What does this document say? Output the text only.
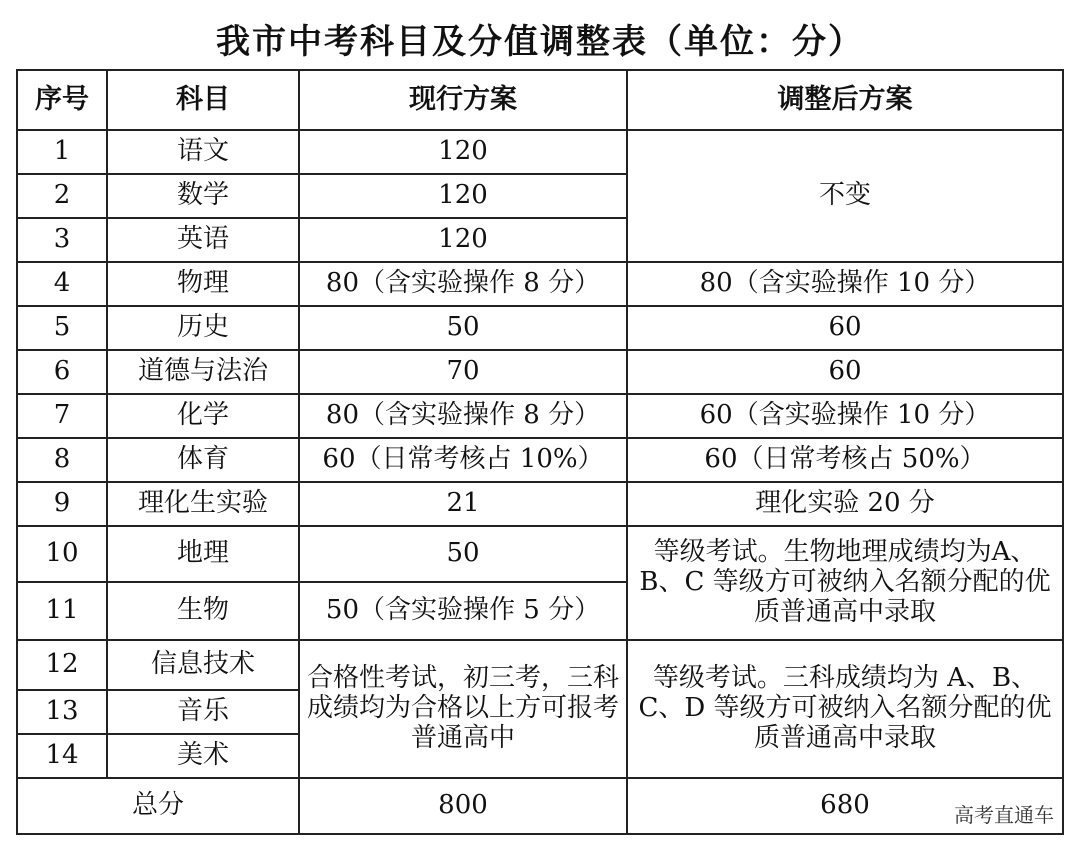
我市中考科目及分值调整表（单位：分）
序号	科目	现行方案	调整后方案
1	语文	120	不变
2	数学	120	
3	英语	120	
4	物理	80（含实验操作 8 分）	80（含实验操作 10 分）
5	历史	50	60
6	道德与法治	70	60
7	化学	80（含实验操作 8 分）	60（含实验操作 10 分）
8	体育	60（日常考核占 10%）	60（日常考核占 50%）
9	理化生实验	21	理化实验 20 分
10	地理	50	等级考试。生物地理成绩均为A、B、C 等级方可被纳入名额分配的优质普通高中录取
11	生物	50（含实验操作 5 分）	
12	信息技术	合格性考试，初三考，三科成绩均为合格以上方可报考普通高中	等级考试。三科成绩均为 A、B、C、D 等级方可被纳入名额分配的优质普通高中录取
13	音乐		
14	美术		
总分		800	680	高考直通车
